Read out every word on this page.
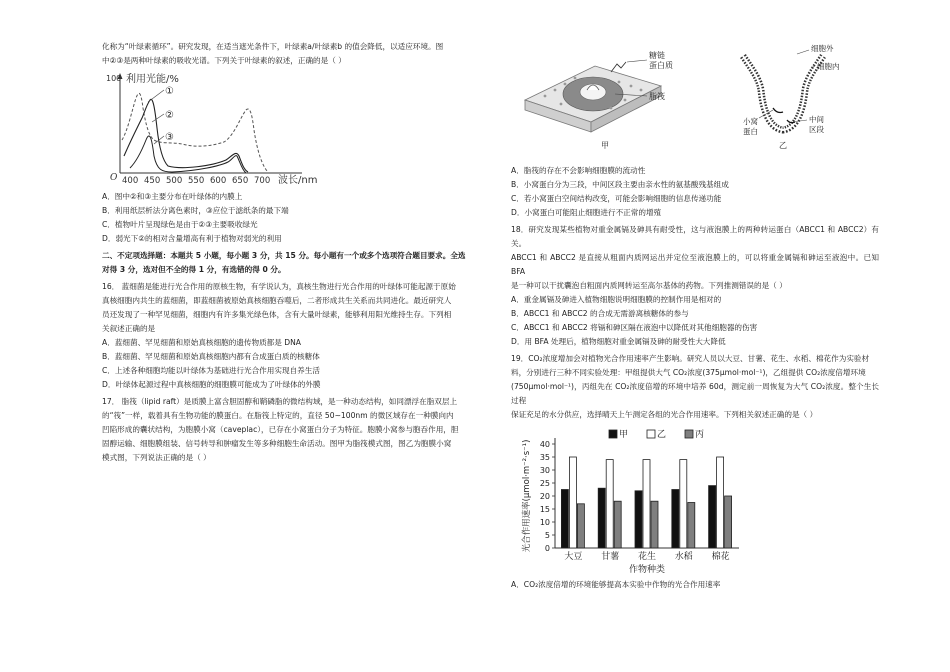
化称为“叶绿素循环”。研究发现，在适当遮光条件下，叶绿素a/叶绿素b 的值会降低，以适应环境。图

中②③是两种叶绿素的吸收光谱。下列关于叶绿素的叙述，正确的是（ ）

100 利用光能/%
O 400 450 500 550 600 650 700 波长/nm
①
②
③

A．图中②和③主要分布在叶绿体的内膜上

B．利用纸层析法分离色素时，③应位于滤纸条的最下端

C．植物叶片呈现绿色是由于②③主要吸收绿光

D．弱光下②的相对含量增高有利于植物对弱光的利用

二、不定项选择题：本题共 5 小题，每小题 3 分，共 15 分。每小题有一个或多个选项符合题目要求。全选

对得 3 分，选对但不全的得 1 分，有选错的得 0 分。

16． 蓝细菌是能进行光合作用的原核生物，有学说认为，真核生物进行光合作用的叶绿体可能起源于原始

真核细胞内共生的蓝细菌，即蓝细菌被原始真核细胞吞噬后，二者形成共生关系而共同进化。最近研究人

员还发现了一种罕见细菌，细胞内有许多集光绿色体，含有大量叶绿素，能够利用阳光维持生存。下列相

关叙述正确的是

A．蓝细菌、罕见细菌和原始真核细胞的遗传物质都是 DNA

B．蓝细菌、罕见细菌和原始真核细胞内都有合成蛋白质的核糖体

C．上述各种细胞均能以叶绿体为基础进行光合作用实现自养生活

D．叶绿体起源过程中真核细胞的细胞膜可能成为了叶绿体的外膜

17． 脂筏（lipid raft）是质膜上富含胆固醇和鞘磷脂的微结构域，是一种动态结构，如同漂浮在脂双层上

的“筏”一样，载着具有生物功能的膜蛋白。在脂筏上特定的，直径 50~100nm 的微区域存在一种膜向内

凹陷形成的囊状结构，为胞膜小窝（caveplac），已存在小窝蛋白分子为特征。胞膜小窝参与胞吞作用，胆

固醇运输、细胞膜组装、信号转导和肿瘤发生等多种细胞生命活动。图甲为脂筏模式图，图乙为胞膜小窝

模式图，下列说法正确的是（ ）

糖链
蛋白质
脂筏
甲
细胞外
细胞内
小窝
蛋白
中间
区段
乙

A．脂筏的存在不会影响细胞膜的流动性

B．小窝蛋白分为三段，中间区段主要由亲水性的氨基酸残基组成

C．若小窝蛋白空间结构改变，可能会影响细胞的信息传递功能

D．小窝蛋白可能阻止细胞进行不正常的增殖

18．研究发现某些植物对重金属镉及砷具有耐受性，这与液泡膜上的两种转运蛋白（ABCC1 和 ABCC2）有关。

ABCC1 和 ABCC2 是直接从粗面内质网运出并定位至液泡膜上的，可以将重金属镉和砷运至液泡中。已知 BFA

是一种可以干扰囊泡自粗面内质网转运至高尔基体的药物。下列推测错误的是（ ）

A．重金属镉及砷进入植物细胞说明细胞膜的控制作用是相对的

B．ABCC1 和 ABCC2 的合成无需游离核糖体的参与

C．ABCC1 和 ABCC2 将镉和砷区隔在液泡中以降低对其他细胞器的伤害

D．用 BFA 处理后，植物细胞对重金属镉及砷的耐受性大大降低

19．CO₂浓度增加会对植物光合作用速率产生影响。研究人员以大豆、甘薯、花生、水稻、棉花作为实验材

料，分别进行三种不同实验处理：甲组提供大气 CO₂浓度(375μmol·mol⁻¹)，乙组提供 CO₂浓度倍增环境

(750μmol·mol⁻¹)，丙组先在 CO₂浓度倍增的环境中培养 60d，测定前一周恢复为大气 CO₂浓度。整个生长过程

保证充足的水分供应，选择晴天上午测定各组的光合作用速率。下列相关叙述正确的是（ ）

0
5
10
15
20
25
30
35
40
光合作用速率(μmol·m⁻²·s⁻¹)
大豆 甘薯 花生 水稻 棉花
作物种类
甲	乙	丙

A．CO₂浓度倍增的环境能够提高本实验中作物的光合作用速率
